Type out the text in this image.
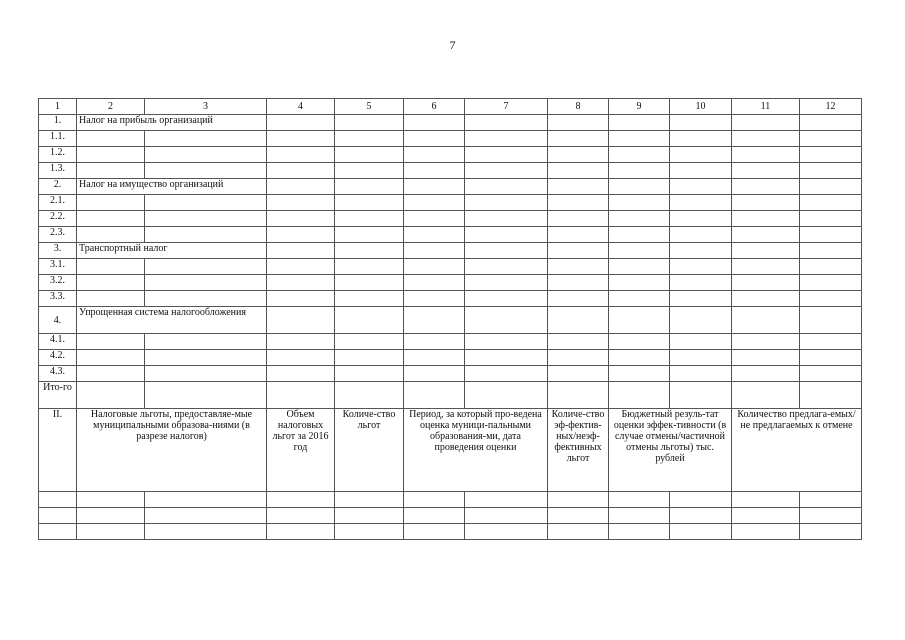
7
1	2	3	4	5	6	7	8	9	10	11	12
1.	Налог на прибыль организаций										
1.1.											
1.2.											
1.3.											
2.	Налог на имущество организаций										
2.1.											
2.2.											
2.3.											
3.	Транспортный налог										
3.1.											
3.2.											
3.3.											
4.	Упрощенная система налогообложения										
4.1.											
4.2.											
4.3.											
Ито-го											
II.	Налоговые льготы, предоставляе-мые муниципальными образова-ниями (в разрезе налогов)		Объем налоговых льгот за 2016 год	Количе-ство льгот	Период, за который про-ведена оценка муници-пальными образования-ми, дата проведения оценки		Количе-ство эф-фектив-ных/неэф-фективных льгот	Бюджетный резуль-тат оценки эффек-тивности (в случае отмены/частичной отмены льготы) тыс. рублей		Количество предлага-емых/не предлагаемых к отмене	
